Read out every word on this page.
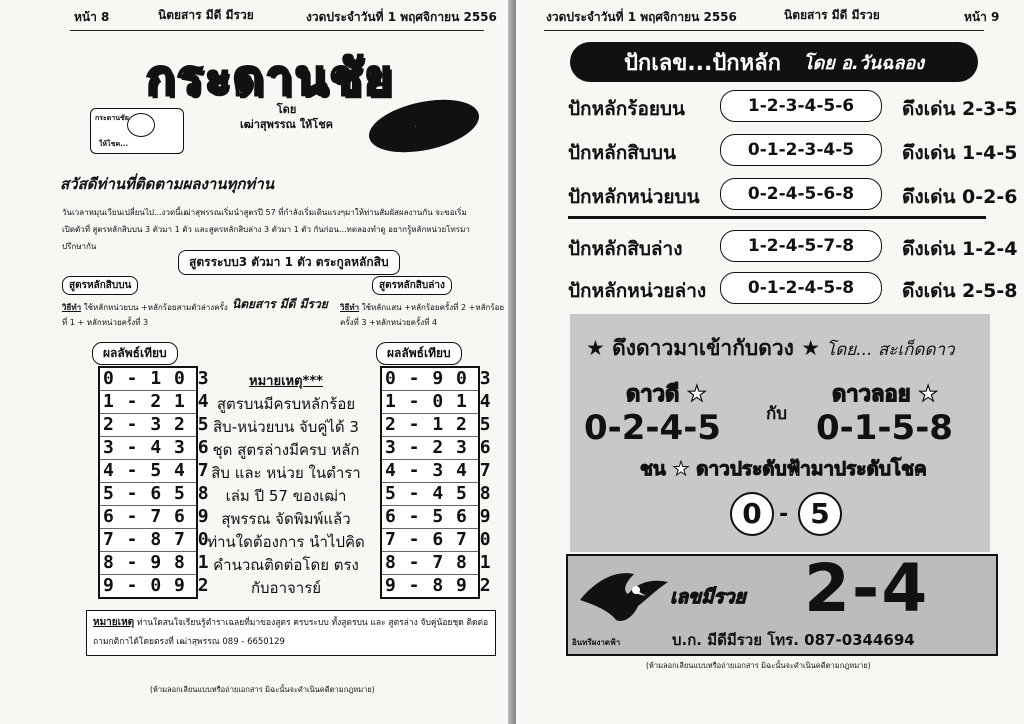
หน้า 8	นิตยสาร มีดี มีรวย	งวดประจำวันที่ 1 พฤศจิกายน 2556
กระดานชัย
กระดานชัย
ให้โชค...
โดย
เฒ่าสุพรรณ ให้โชค	มีรวย
สวัสดีท่านที่ติดตามผลงานทุกท่าน
วันเวลาหมุนเวียนเปลี่ยนไป...งวดนี้เฒ่าสุพรรณเริ่มนำสูตรปี 57 ที่กำลังเริ่มเดินแรงๆมาให้ท่านสัมผัสผลงานกัน จะขอเริ่มเปิดตัวที่ สูตรหลักสิบบน 3 ตัวมา 1 ตัว และสูตรหลักสิบล่าง 3 ตัวมา 1 ตัว กันก่อน...ทดลองทำดู อยากรู้หลักหน่วยโทรมาปรึกษากัน
สูตรระบบ3 ตัวมา 1 ตัว ตระกูลหลักสิบ
สูตรหลักสิบบน	สูตรหลักสิบล่าง
วิธีทำ ใช้หลักหน่วยบน +หลักร้อยสามตัวล่างครั้งที่ 1 + หลักหน่วยครั้งที่ 3
นิตยสาร มีดี มีรวย วิธีทำ ใช้หลักแสน +หลักร้อยครั้งที่ 2 +หลักร้อยครั้งที่ 3 +หลักหน่วยครั้งที่ 4
ผลลัพธ์เทียบ	ผลลัพธ์เทียบ
0 - 1 0 3
1 - 2 1 4
2 - 3 2 5
3 - 4 3 6
4 - 5 4 7
5 - 6 5 8
6 - 7 6 9
7 - 8 7 0
8 - 9 8 1
9 - 0 9 2
0 - 9 0 3
1 - 0 1 4
2 - 1 2 5
3 - 2 3 6
4 - 3 4 7
5 - 4 5 8
6 - 5 6 9
7 - 6 7 0
8 - 7 8 1
9 - 8 9 2
หมายเหตุ***
สูตรบนมีครบหลักร้อย สิบ-หน่วยบน จับคู่ได้ 3 ชุด สูตรล่างมีครบ หลักสิบ และ หน่วย ในตำราเล่ม ปี 57 ของเฒ่าสุพรรณ จัดพิมพ์แล้ว ท่านใดต้องการ นำไปคิดคำนวณติดต่อโดย ตรงกับอาจารย์
หมายเหตุ ท่านใดสนใจเรียนรู้ตำราเฉลยที่มาของสูตร ครบระบบ ทั้งสูตรบน และ สูตรล่าง จับคู่น้อยชุด ติดต่อถามกติกาได้โดยตรงที่ เฒ่าสุพรรณ 089 - 6650129
(ห้ามลอกเลียนแบบหรือถ่ายเอกสาร มิฉะนั้นจะดำเนินคดีตามกฎหมาย)
งวดประจำวันที่ 1 พฤศจิกายน 2556	นิตยสาร มีดี มีรวย	หน้า 9
ปักเลข...ปักหลัก โดย อ.วันฉลอง
ปักหลักร้อยบน	1-2-3-4-5-6	ดึงเด่น 2-3-5
ปักหลักสิบบน	0-1-2-3-4-5	ดึงเด่น 1-4-5
ปักหลักหน่วยบน	0-2-4-5-6-8	ดึงเด่น 0-2-6
ปักหลักสิบล่าง	1-2-4-5-7-8	ดึงเด่น 1-2-4
ปักหลักหน่วยล่าง	0-1-2-4-5-8	ดึงเด่น 2-5-8
★ ดึงดาวมาเข้ากับดวง ★ โดย... สะเก็ดดาว
ดาวดี ★
0-2-4-5	กับ
ดาวลอย ★
0-1-5-8
ชน ★ ดาวประดับฟ้ามาประดับโชค
0 - 5
อินทรีผงาดฟ้า
เลขมีรวย 2-4
บ.ก. มีดีมีรวย โทร. 087-0344694
(ห้ามลอกเลียนแบบหรือถ่ายเอกสาร มิฉะนั้นจะดำเนินคดีตามกฎหมาย)
